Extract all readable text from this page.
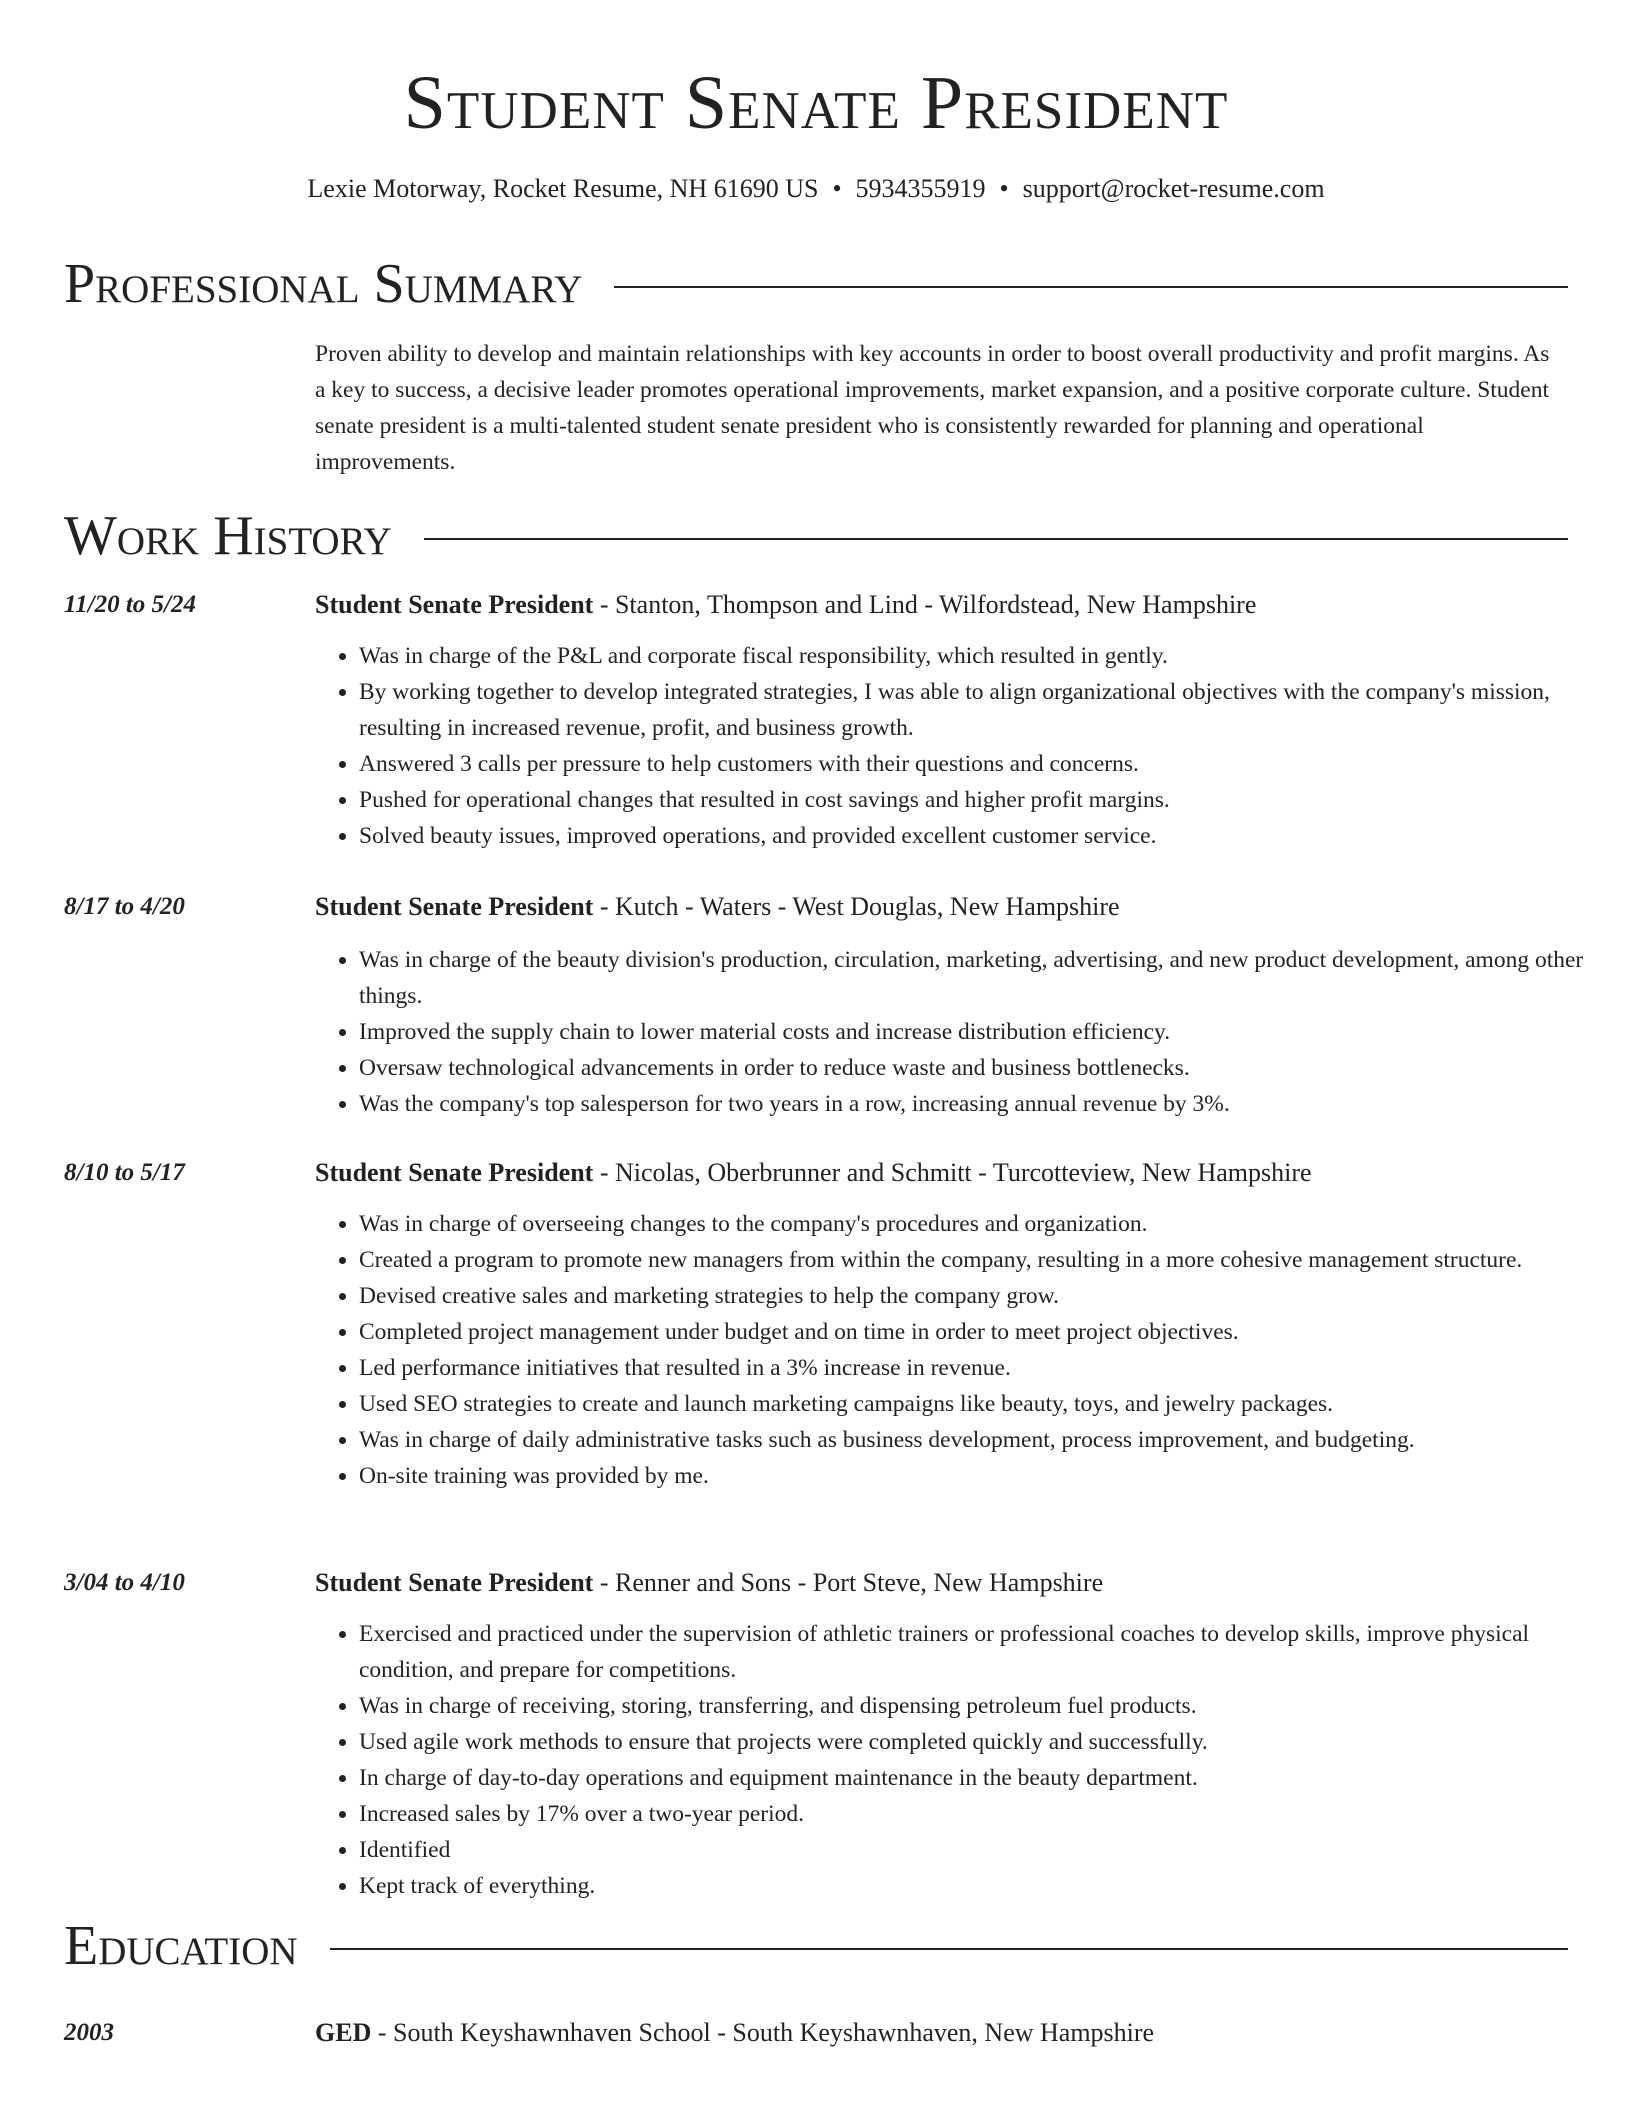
Student Senate President
Lexie Motorway, Rocket Resume, NH 61690 US • 5934355919 • support@rocket-resume.com
Professional Summary

Proven ability to develop and maintain relationships with key accounts in order to boost overall productivity and profit margins. As a key to success, a decisive leader promotes operational improvements, market expansion, and a positive corporate culture. Student senate president is a multi-talented student senate president who is consistently rewarded for planning and operational improvements.

Work History
11/20 to 5/24	Student Senate President - Stanton, Thompson and Lind - Wilfordstead, New Hampshire
• Was in charge of the P&L and corporate fiscal responsibility, which resulted in gently.
• By working together to develop integrated strategies, I was able to align organizational objectives with the company's mission, resulting in increased revenue, profit, and business growth.
• Answered 3 calls per pressure to help customers with their questions and concerns.
• Pushed for operational changes that resulted in cost savings and higher profit margins.
• Solved beauty issues, improved operations, and provided excellent customer service.
8/17 to 4/20	Student Senate President - Kutch - Waters - West Douglas, New Hampshire
• Was in charge of the beauty division's production, circulation, marketing, advertising, and new product development, among other things.
• Improved the supply chain to lower material costs and increase distribution efficiency.
• Oversaw technological advancements in order to reduce waste and business bottlenecks.
• Was the company's top salesperson for two years in a row, increasing annual revenue by 3%.
8/10 to 5/17	Student Senate President - Nicolas, Oberbrunner and Schmitt - Turcotteview, New Hampshire
• Was in charge of overseeing changes to the company's procedures and organization.
• Created a program to promote new managers from within the company, resulting in a more cohesive management structure.
• Devised creative sales and marketing strategies to help the company grow.
• Completed project management under budget and on time in order to meet project objectives.
• Led performance initiatives that resulted in a 3% increase in revenue.
• Used SEO strategies to create and launch marketing campaigns like beauty, toys, and jewelry packages.
• Was in charge of daily administrative tasks such as business development, process improvement, and budgeting.
• On-site training was provided by me.
3/04 to 4/10	Student Senate President - Renner and Sons - Port Steve, New Hampshire
• Exercised and practiced under the supervision of athletic trainers or professional coaches to develop skills, improve physical condition, and prepare for competitions.
• Was in charge of receiving, storing, transferring, and dispensing petroleum fuel products.
• Used agile work methods to ensure that projects were completed quickly and successfully.
• In charge of day-to-day operations and equipment maintenance in the beauty department.
• Increased sales by 17% over a two-year period.
• Identified
• Kept track of everything.
Education
2003	GED - South Keyshawnhaven School - South Keyshawnhaven, New Hampshire
